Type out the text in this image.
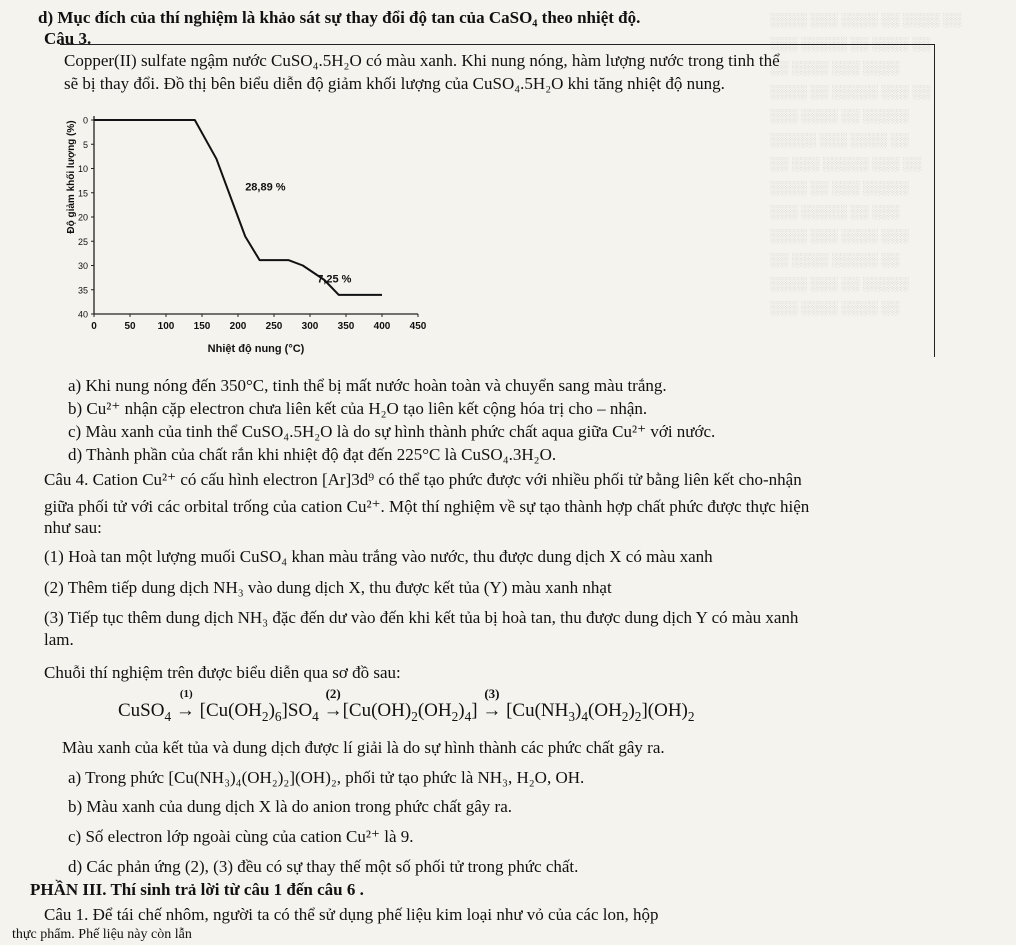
░░░░ ░░░ ░░░░ ░░ ░░░░ ░░
░░░ ░░░░░ ░░ ░░░░ ░░
░░ ░░░░ ░░░ ░░░░
░░░░ ░░ ░░░░░ ░░░ ░░
░░░ ░░░░ ░░ ░░░░░
░░░░░ ░░░ ░░░░ ░░
░░ ░░░ ░░░░░ ░░░ ░░
░░░░ ░░ ░░░ ░░░░░
░░░ ░░░░░ ░░ ░░░
░░░░ ░░░ ░░░░ ░░░
░░ ░░░░ ░░░░░ ░░
░░░░ ░░░ ░░ ░░░░░
░░░ ░░░░ ░░░░ ░░
d) Mục đích của thí nghiệm là khảo sát sự thay đổi độ tan của CaSO₄ theo nhiệt độ.
Câu 3.
Copper(II) sulfate ngậm nước CuSO₄.5H₂O có màu xanh. Khi nung nóng, hàm lượng nước trong tinh thể
sẽ bị thay đổi. Đồ thị bên biểu diễn độ giảm khối lượng của CuSO₄.5H₂O khi tăng nhiệt độ nung.
0
5
10
15
20
25
30
35
40
0	50 100 150 200 250 300 350 400 450
Nhiệt độ nung (°C)
Độ giảm khối lượng (%)	28,89 %
7,25 %
a) Khi nung nóng đến 350°C, tinh thể bị mất nước hoàn toàn và chuyển sang màu trắng.
b) Cu²⁺ nhận cặp electron chưa liên kết của H₂O tạo liên kết cộng hóa trị cho – nhận.
c) Màu xanh của tinh thể CuSO₄.5H₂O là do sự hình thành phức chất aqua giữa Cu²⁺ với nước.
d) Thành phần của chất rắn khi nhiệt độ đạt đến 225°C là CuSO₄.3H₂O.
Câu 4. Cation Cu²⁺ có cấu hình electron [Ar]3d⁹ có thể tạo phức được với nhiều phối tử bằng liên kết cho-nhận
giữa phối tử với các orbital trống của cation Cu²⁺. Một thí nghiệm về sự tạo thành hợp chất phức được thực hiện
như sau:
(1) Hoà tan một lượng muối CuSO₄ khan màu trắng vào nước, thu được dung dịch X có màu xanh
(2) Thêm tiếp dung dịch NH₃ vào dung dịch X, thu được kết tủa (Y) màu xanh nhạt
(3) Tiếp tục thêm dung dịch NH₃ đặc đến dư vào đến khi kết tủa bị hoà tan, thu được dung dịch Y có màu xanh
lam.
Chuỗi thí nghiệm trên được biểu diễn qua sơ đồ sau:
CuSO$_4$
(1)
→ $[Cu(OH_2)_6]SO_4$
(2)
$\to[Cu(OH)_2(OH_2)_4]$
(3)
→ $[Cu(NH_3)_4(OH_2)_2](OH)_2$
Màu xanh của kết tủa và dung dịch được lí giải là do sự hình thành các phức chất gây ra.
a) Trong phức [Cu(NH₃)₄(OH₂)₂](OH)₂, phối tử tạo phức là NH₃, H₂O, OH.
b) Màu xanh của dung dịch X là do anion trong phức chất gây ra.
c) Số electron lớp ngoài cùng của cation Cu²⁺ là 9.
d) Các phản ứng (2), (3) đều có sự thay thế một số phối tử trong phức chất.
PHẦN III. Thí sinh trả lời từ câu 1 đến câu 6 .
Câu 1. Để tái chế nhôm, người ta có thể sử dụng phế liệu kim loại như vỏ của các lon, hộp
thực phẩm. Phế liệu này còn lẫn
